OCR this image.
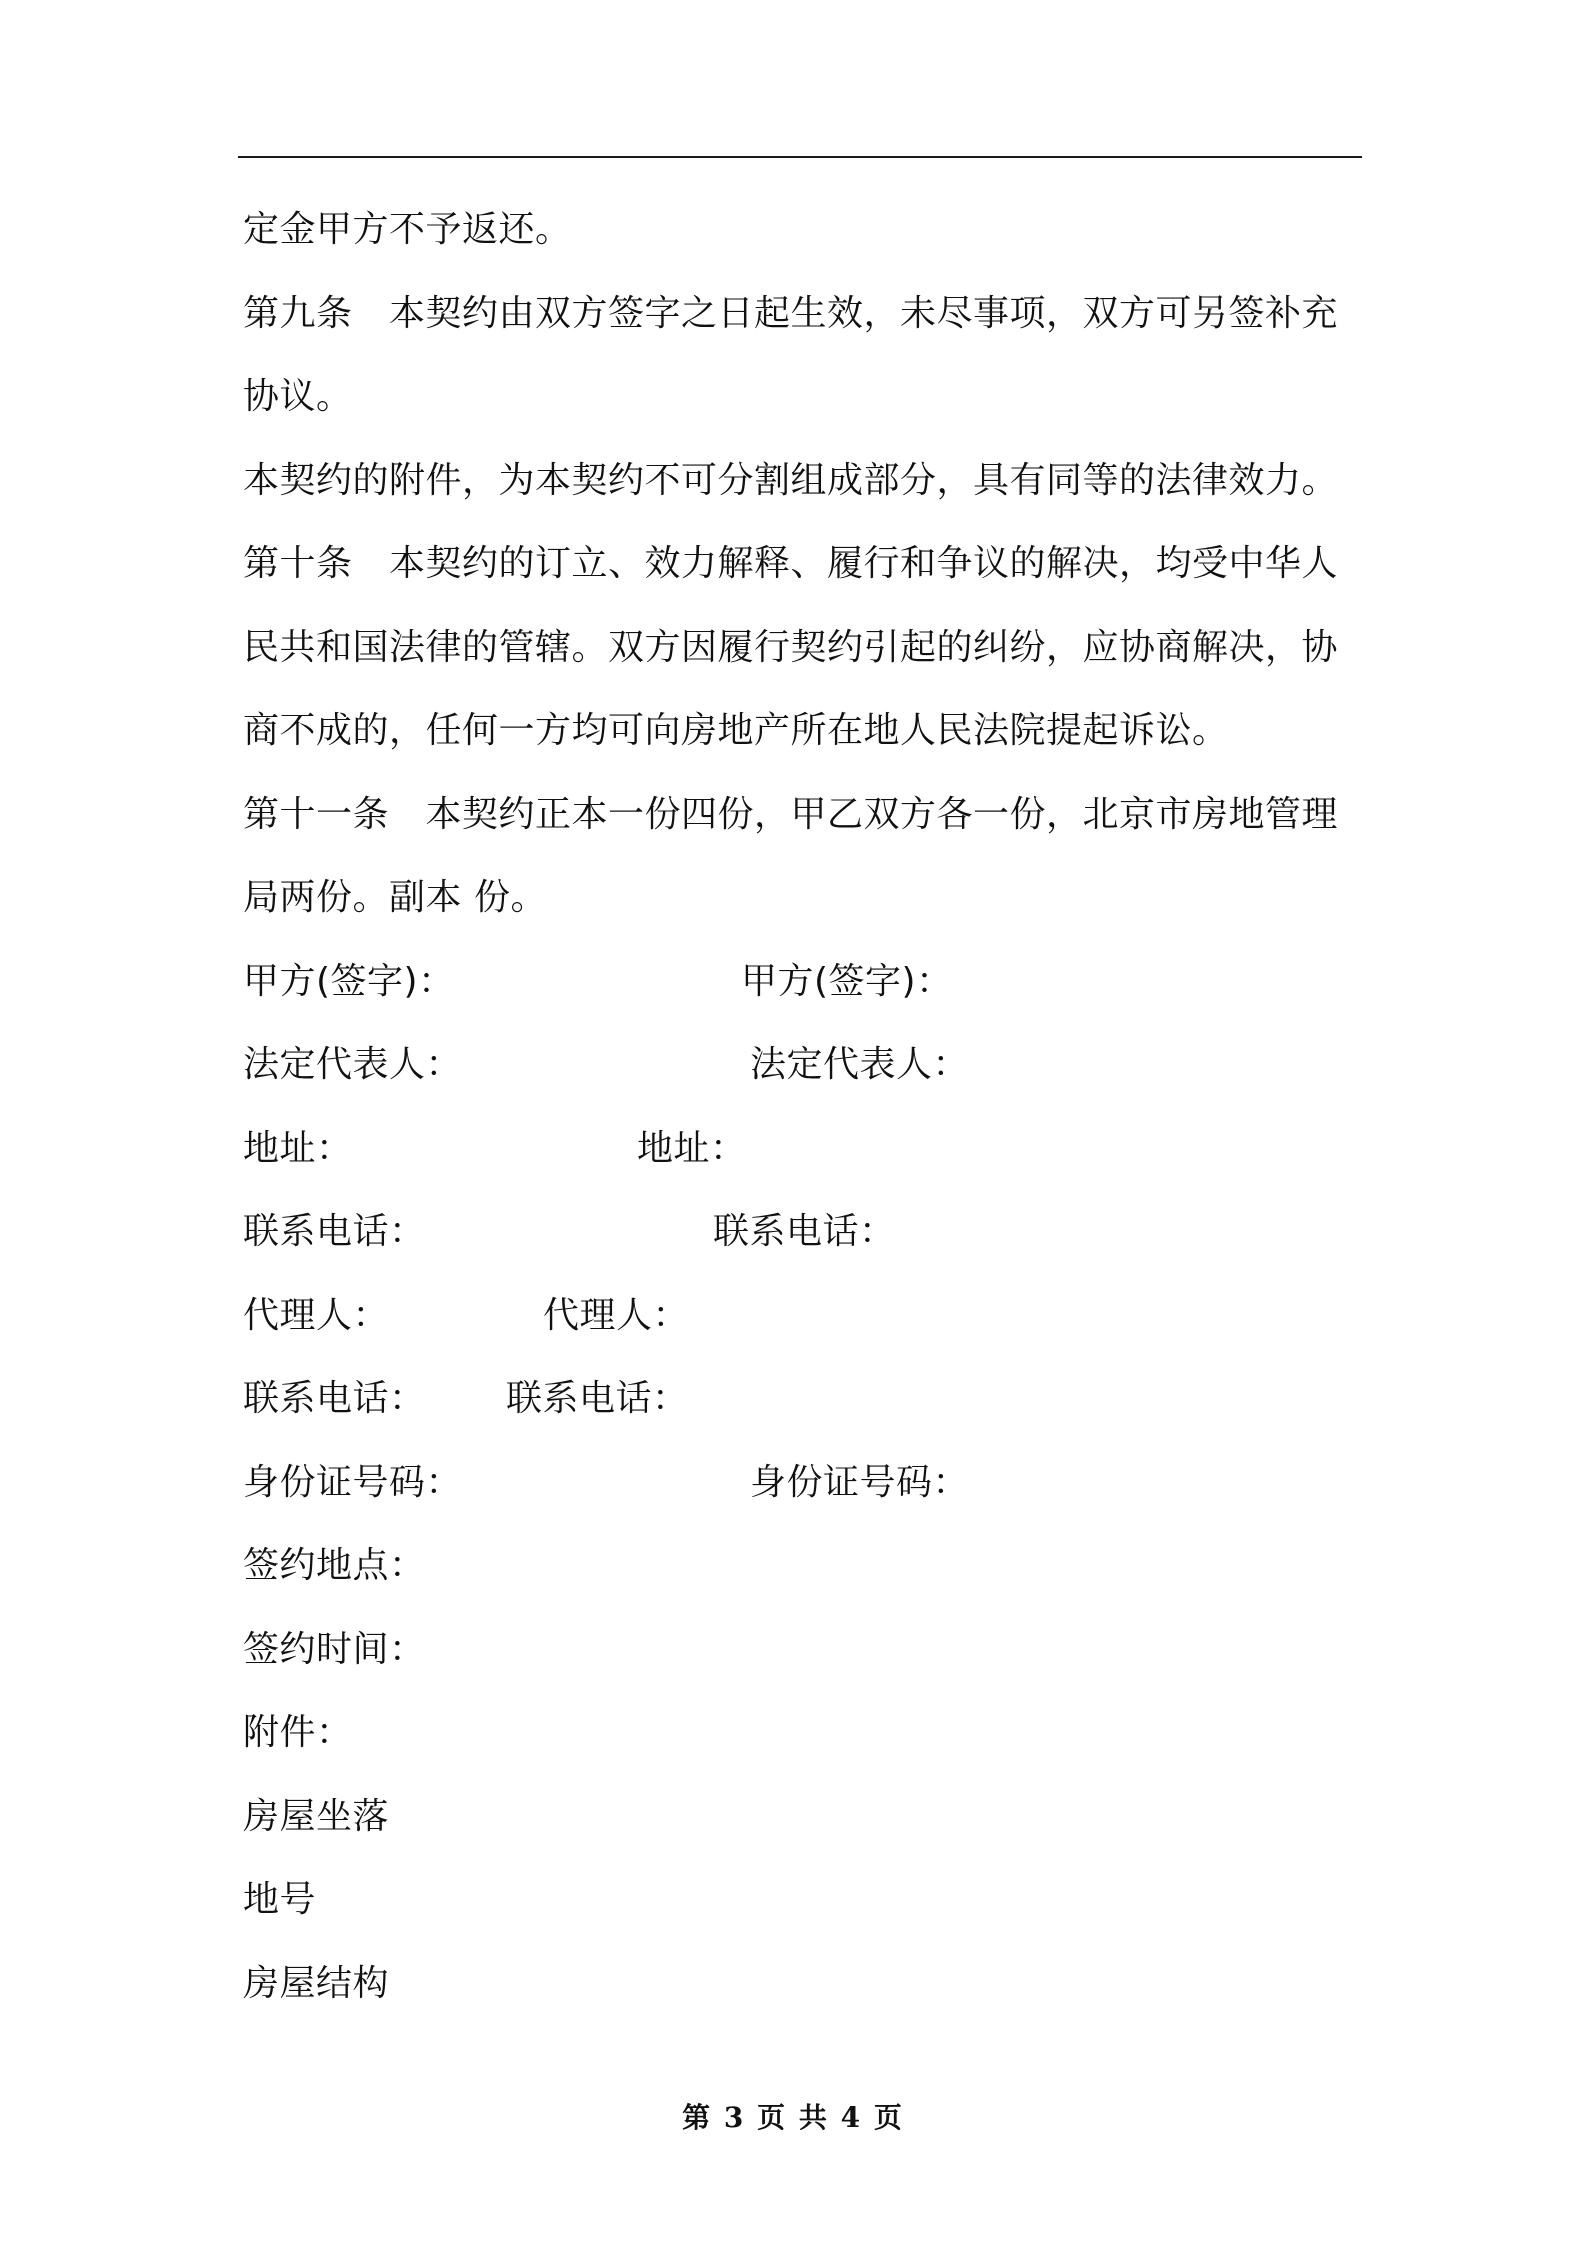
定金甲方不予返还。
第九条　本契约由双方签字之日起生效，未尽事项，双方可另签补充
协议。
本契约的附件，为本契约不可分割组成部分，具有同等的法律效力。
第十条　本契约的订立、效力解释、履行和争议的解决，均受中华人
民共和国法律的管辖。双方因履行契约引起的纠纷，应协商解决，协
商不成的，任何一方均可向房地产所在地人民法院提起诉讼。
第十一条　本契约正本一份四份，甲乙双方各一份，北京市房地管理
局两份。副本 份。
甲方(签字)：	甲方(签字)：
法定代表人：	法定代表人：
地址：	地址：
联系电话：	联系电话：
代理人：	代理人：
联系电话： 联系电话：
身份证号码：	身份证号码：
签约地点：
签约时间：
附件：
房屋坐落
地号
房屋结构
第 3 页 共 4 页
